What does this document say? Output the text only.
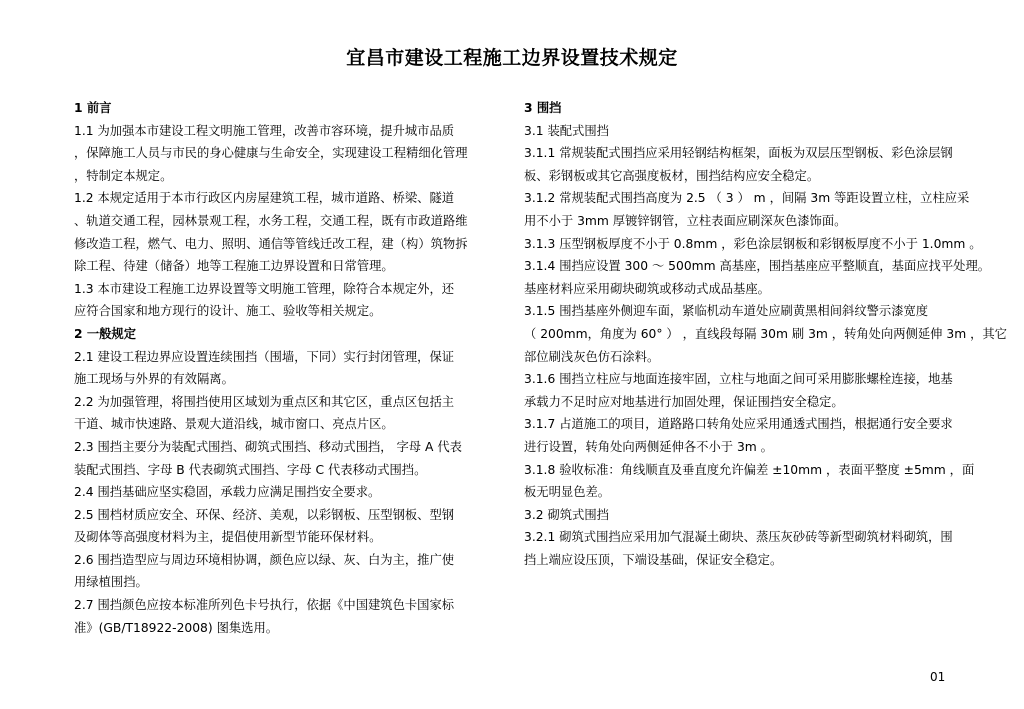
宜昌市建设工程施工边界设置技术规定
1 前言
1.1 为加强本市建设工程文明施工管理，改善市容环境，提升城市品质
，保障施工人员与市民的身心健康与生命安全，实现建设工程精细化管理
，特制定本规定。
1.2 本规定适用于本市行政区内房屋建筑工程，城市道路、桥梁、隧道
、轨道交通工程，园林景观工程，水务工程，交通工程，既有市政道路维
修改造工程，燃气、电力、照明、通信等管线迁改工程，建（构）筑物拆
除工程、待建（储备）地等工程施工边界设置和日常管理。
1.3 本市建设工程施工边界设置等文明施工管理，除符合本规定外，还
应符合国家和地方现行的设计、施工、验收等相关规定。
2 一般规定
2.1 建设工程边界应设置连续围挡（围墙，下同）实行封闭管理，保证
施工现场与外界的有效隔离。
2.2 为加强管理，将围挡使用区域划为重点区和其它区，重点区包括主
干道、城市快速路、景观大道沿线，城市窗口、亮点片区。
2.3 围挡主要分为装配式围挡、砌筑式围挡、移动式围挡， 字母 A 代表
装配式围挡、字母 B 代表砌筑式围挡、字母 C 代表移动式围挡。
2.4 围挡基础应坚实稳固，承载力应满足围挡安全要求。
2.5 围档材质应安全、环保、经济、美观，以彩钢板、压型钢板、型钢
及砌体等高强度材料为主，提倡使用新型节能环保材料。
2.6 围挡造型应与周边环境相协调，颜色应以绿、灰、白为主，推广使
用绿植围挡。
2.7 围挡颜色应按本标准所列色卡号执行，依据《中国建筑色卡国家标
准》(GB/T18922-2008) 图集选用。
3 围挡
3.1 装配式围挡
3.1.1 常规装配式围挡应采用轻钢结构框架，面板为双层压型钢板、彩色涂层钢
板、彩钢板或其它高强度板材，围挡结构应安全稳定。
3.1.2 常规装配式围挡高度为 2.5 （ 3 ） m ，间隔 3m 等距设置立柱，立柱应采
用不小于 3mm 厚镀锌钢管，立柱表面应刷深灰色漆饰面。
3.1.3 压型钢板厚度不小于 0.8mm ，彩色涂层钢板和彩钢板厚度不小于 1.0mm 。
3.1.4 围挡应设置 300 ～ 500mm 高基座，围挡基座应平整顺直，基面应找平处理。
基座材料应采用砌块砌筑或移动式成品基座。
3.1.5 围挡基座外侧迎车面，紧临机动车道处应刷黄黑相间斜纹警示漆宽度
（ 200mm，角度为 60° ） ，直线段每隔 30m 刷 3m ，转角处向两侧延伸 3m ，其它
部位刷浅灰色仿石涂料。
3.1.6 围挡立柱应与地面连接牢固，立柱与地面之间可采用膨胀螺栓连接，地基
承载力不足时应对地基进行加固处理，保证围挡安全稳定。
3.1.7 占道施工的项目，道路路口转角处应采用通透式围挡，根据通行安全要求
进行设置，转角处向两侧延伸各不小于 3m 。
3.1.8 验收标准：角线顺直及垂直度允许偏差 ±10mm ，表面平整度 ±5mm ，面
板无明显色差。
3.2 砌筑式围挡
3.2.1 砌筑式围挡应采用加气混凝土砌块、蒸压灰砂砖等新型砌筑材料砌筑，围
挡上端应设压顶，下端设基础，保证安全稳定。
01
